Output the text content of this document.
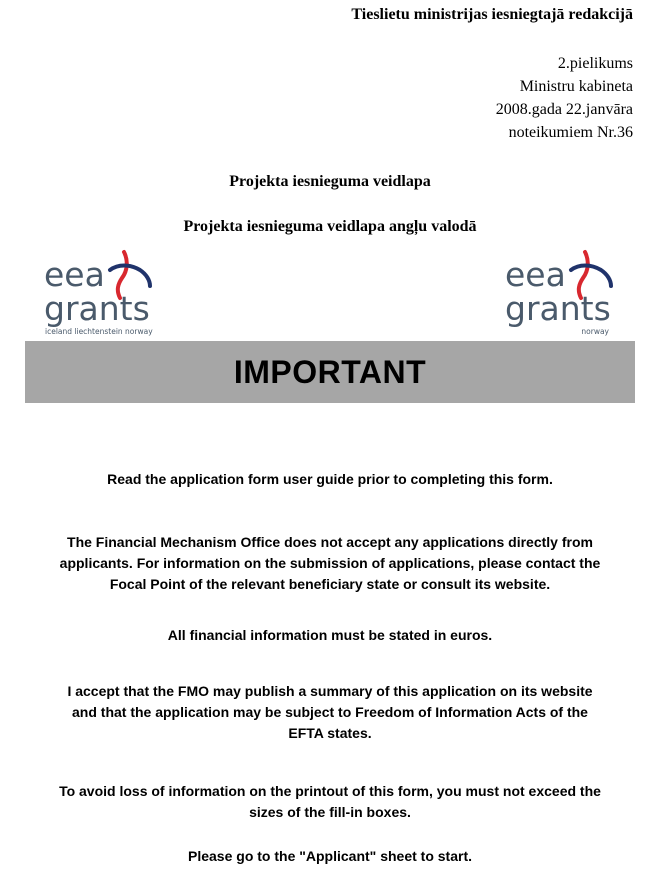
Tieslietu ministrijas iesniegtajā redakcijā
2.pielikums
Ministru kabineta
2008.gada 22.janvāra
noteikumiem Nr.36
Projekta iesnieguma veidlapa
Projekta iesnieguma veidlapa angļu valodā
eea
grants
iceland liechtenstein norway
eea
grants
norway
IMPORTANT
Read the application form user guide prior to completing this form.
The Financial Mechanism Office does not accept any applications directly from
applicants. For information on the submission of applications, please contact the
Focal Point of the relevant beneficiary state or consult its website.
All financial information must be stated in euros.
I accept that the FMO may publish a summary of this application on its website
and that the application may be subject to Freedom of Information Acts of the
EFTA states.
To avoid loss of information on the printout of this form, you must not exceed the
sizes of the fill-in boxes.
Please go to the "Applicant" sheet to start.
